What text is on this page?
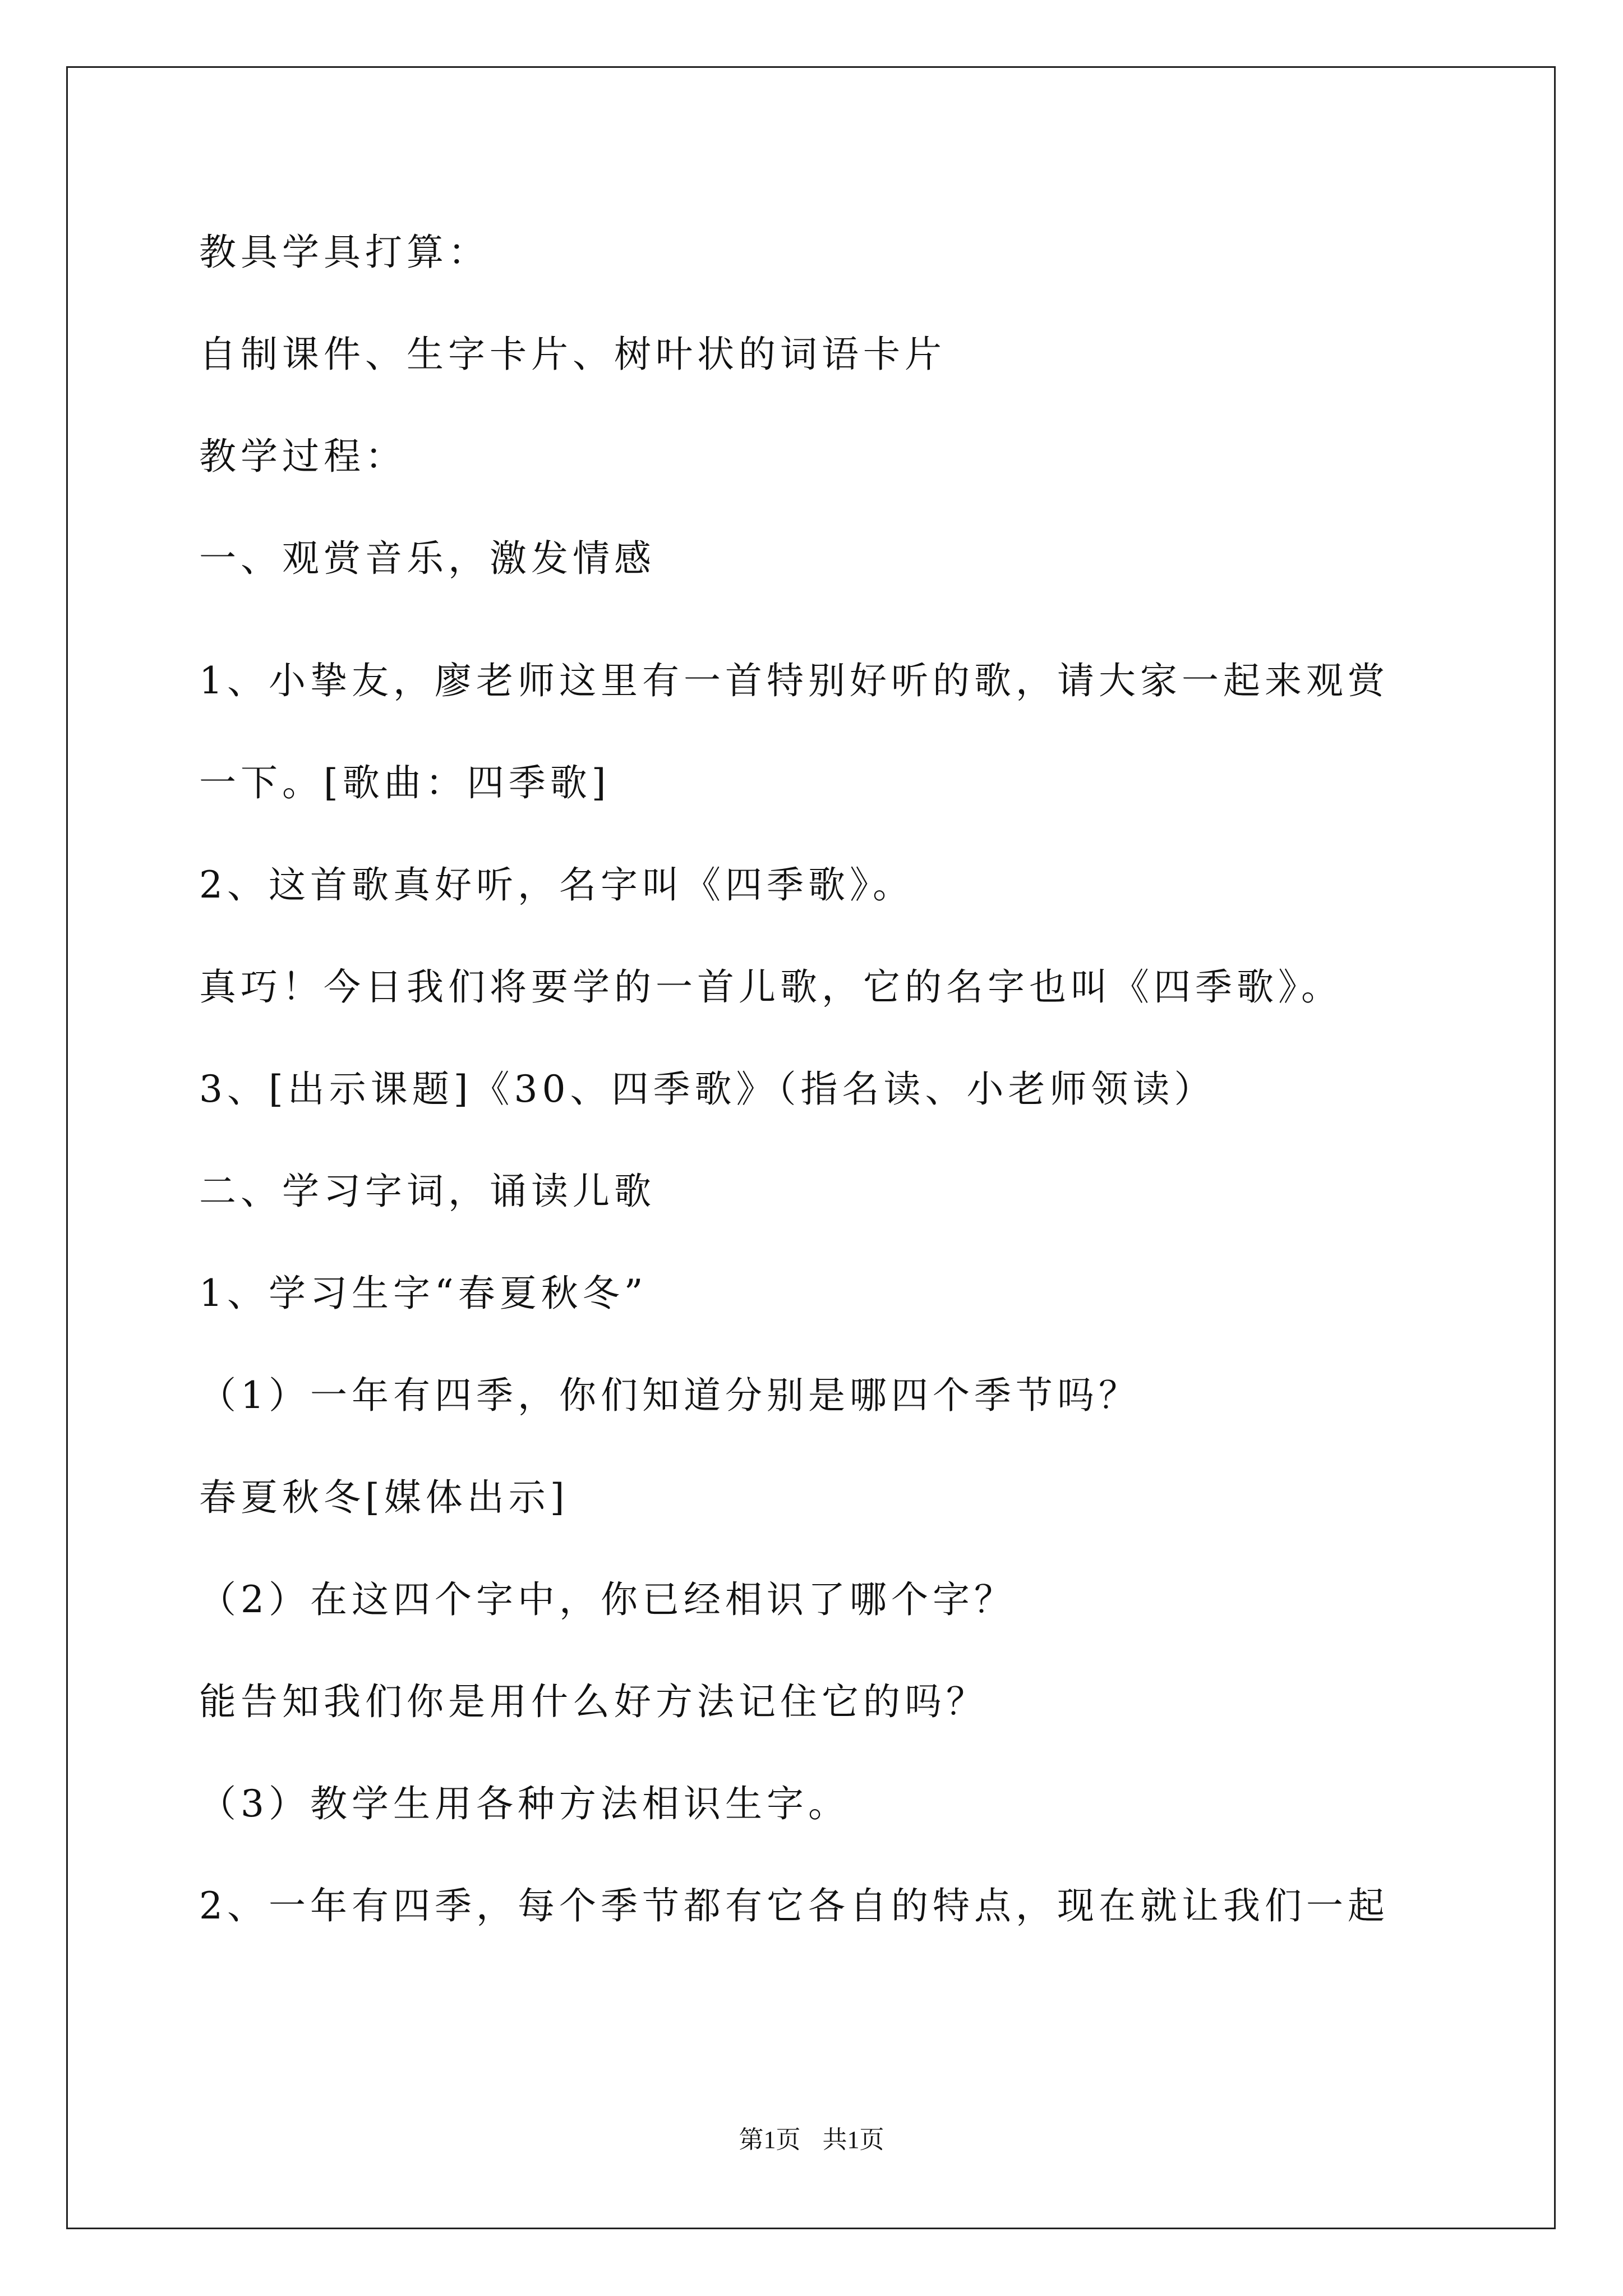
教具学具打算：
自制课件、生字卡片、树叶状的词语卡片
教学过程：
一、观赏音乐，激发情感
1、小挚友，廖老师这里有一首特别好听的歌，请大家一起来观赏
一下。[歌曲：四季歌]
2、这首歌真好听，名字叫《四季歌》。
真巧！今日我们将要学的一首儿歌，它的名字也叫《四季歌》。
3、[出示课题]《30、四季歌》（指名读、小老师领读）
二、学习字词，诵读儿歌
1、学习生字“春夏秋冬”
（1）一年有四季，你们知道分别是哪四个季节吗？
春夏秋冬[媒体出示]
（2）在这四个字中，你已经相识了哪个字？
能告知我们你是用什么好方法记住它的吗？
（3）教学生用各种方法相识生字。
2、一年有四季，每个季节都有它各自的特点，现在就让我们一起
第1页 共1页
